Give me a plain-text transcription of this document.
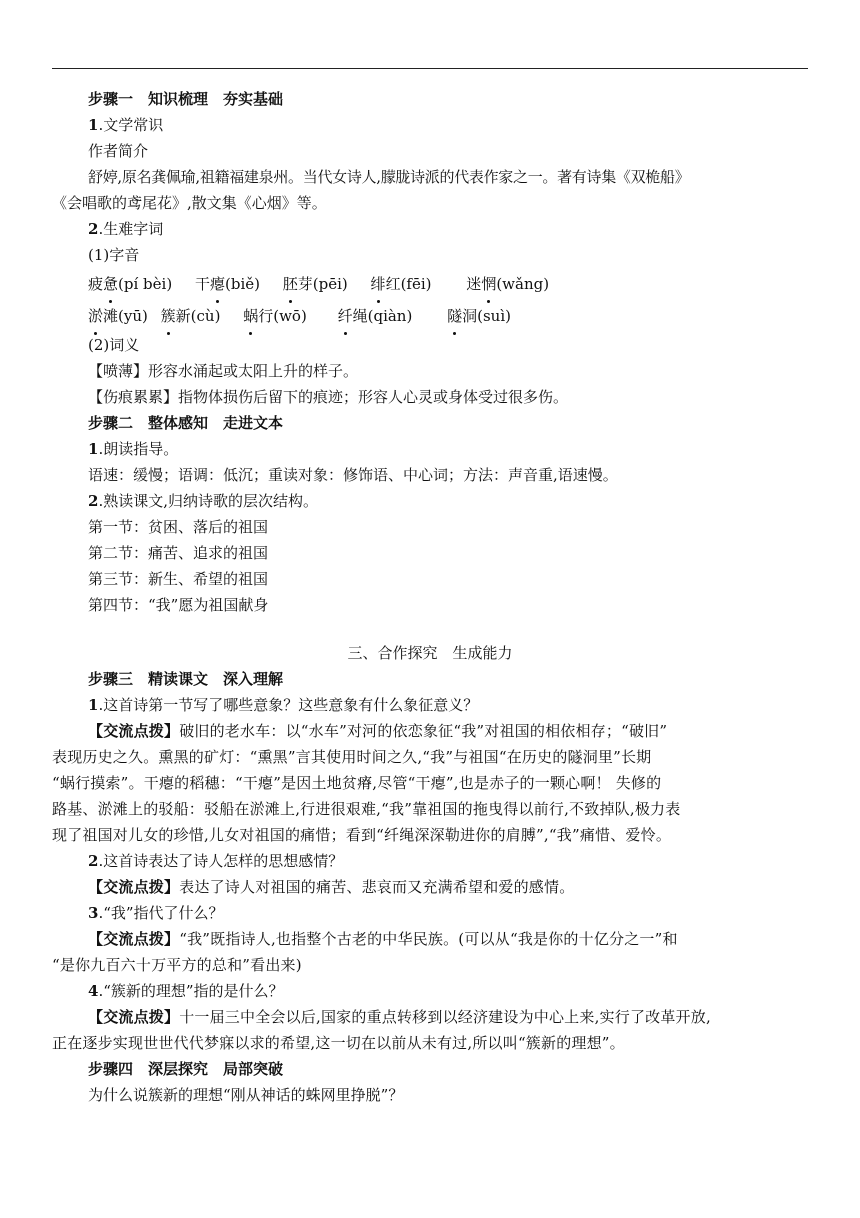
步骤一　知识梳理　夯实基础
1.文学常识
作者简介
舒婷,原名龚佩瑜,祖籍福建泉州。当代女诗人,朦胧诗派的代表作家之一。著有诗集《双桅船》
《会唱歌的鸢尾花》,散文集《心烟》等。
2.生难字词
(1)字音
疲惫(pí bèi) 干瘪(biě) 胚芽(pēi) 绯红(fēi) 迷惘(wǎng)
淤滩(yū) 簇新(cù) 蜗行(wō) 纤绳(qiàn) 隧洞(suì)
(2)词义
【喷薄】形容水涌起或太阳上升的样子。
【伤痕累累】指物体损伤后留下的痕迹；形容人心灵或身体受过很多伤。
步骤二　整体感知　走进文本
1.朗读指导。
语速：缓慢；语调：低沉；重读对象：修饰语、中心词；方法：声音重,语速慢。
2.熟读课文,归纳诗歌的层次结构。
第一节：贫困、落后的祖国
第二节：痛苦、追求的祖国
第三节：新生、希望的祖国
第四节：“我”愿为祖国献身
三、合作探究　生成能力
步骤三　精读课文　深入理解
1.这首诗第一节写了哪些意象？这些意象有什么象征意义？
【交流点拨】破旧的老水车：以“水车”对河的依恋象征“我”对祖国的相依相存；“破旧”
表现历史之久。熏黑的矿灯：“熏黑”言其使用时间之久,“我”与祖国“在历史的隧洞里”长期
“蜗行摸索”。干瘪的稻穗：“干瘪”是因土地贫瘠,尽管“干瘪”,也是赤子的一颗心啊！ 失修的
路基、淤滩上的驳船：驳船在淤滩上,行进很艰难,“我”靠祖国的拖曳得以前行,不致掉队,极力表
现了祖国对儿女的珍惜,儿女对祖国的痛惜；看到“纤绳深深勒进你的肩膊”,“我”痛惜、爱怜。
2.这首诗表达了诗人怎样的思想感情？
【交流点拨】表达了诗人对祖国的痛苦、悲哀而又充满希望和爱的感情。
3.“我”指代了什么？
【交流点拨】“我”既指诗人,也指整个古老的中华民族。(可以从“我是你的十亿分之一”和
“是你九百六十万平方的总和”看出来)
4.“簇新的理想”指的是什么？
【交流点拨】十一届三中全会以后,国家的重点转移到以经济建设为中心上来,实行了改革开放,
正在逐步实现世世代代梦寐以求的希望,这一切在以前从未有过,所以叫“簇新的理想”。
步骤四　深层探究　局部突破
为什么说簇新的理想“刚从神话的蛛网里挣脱”？
